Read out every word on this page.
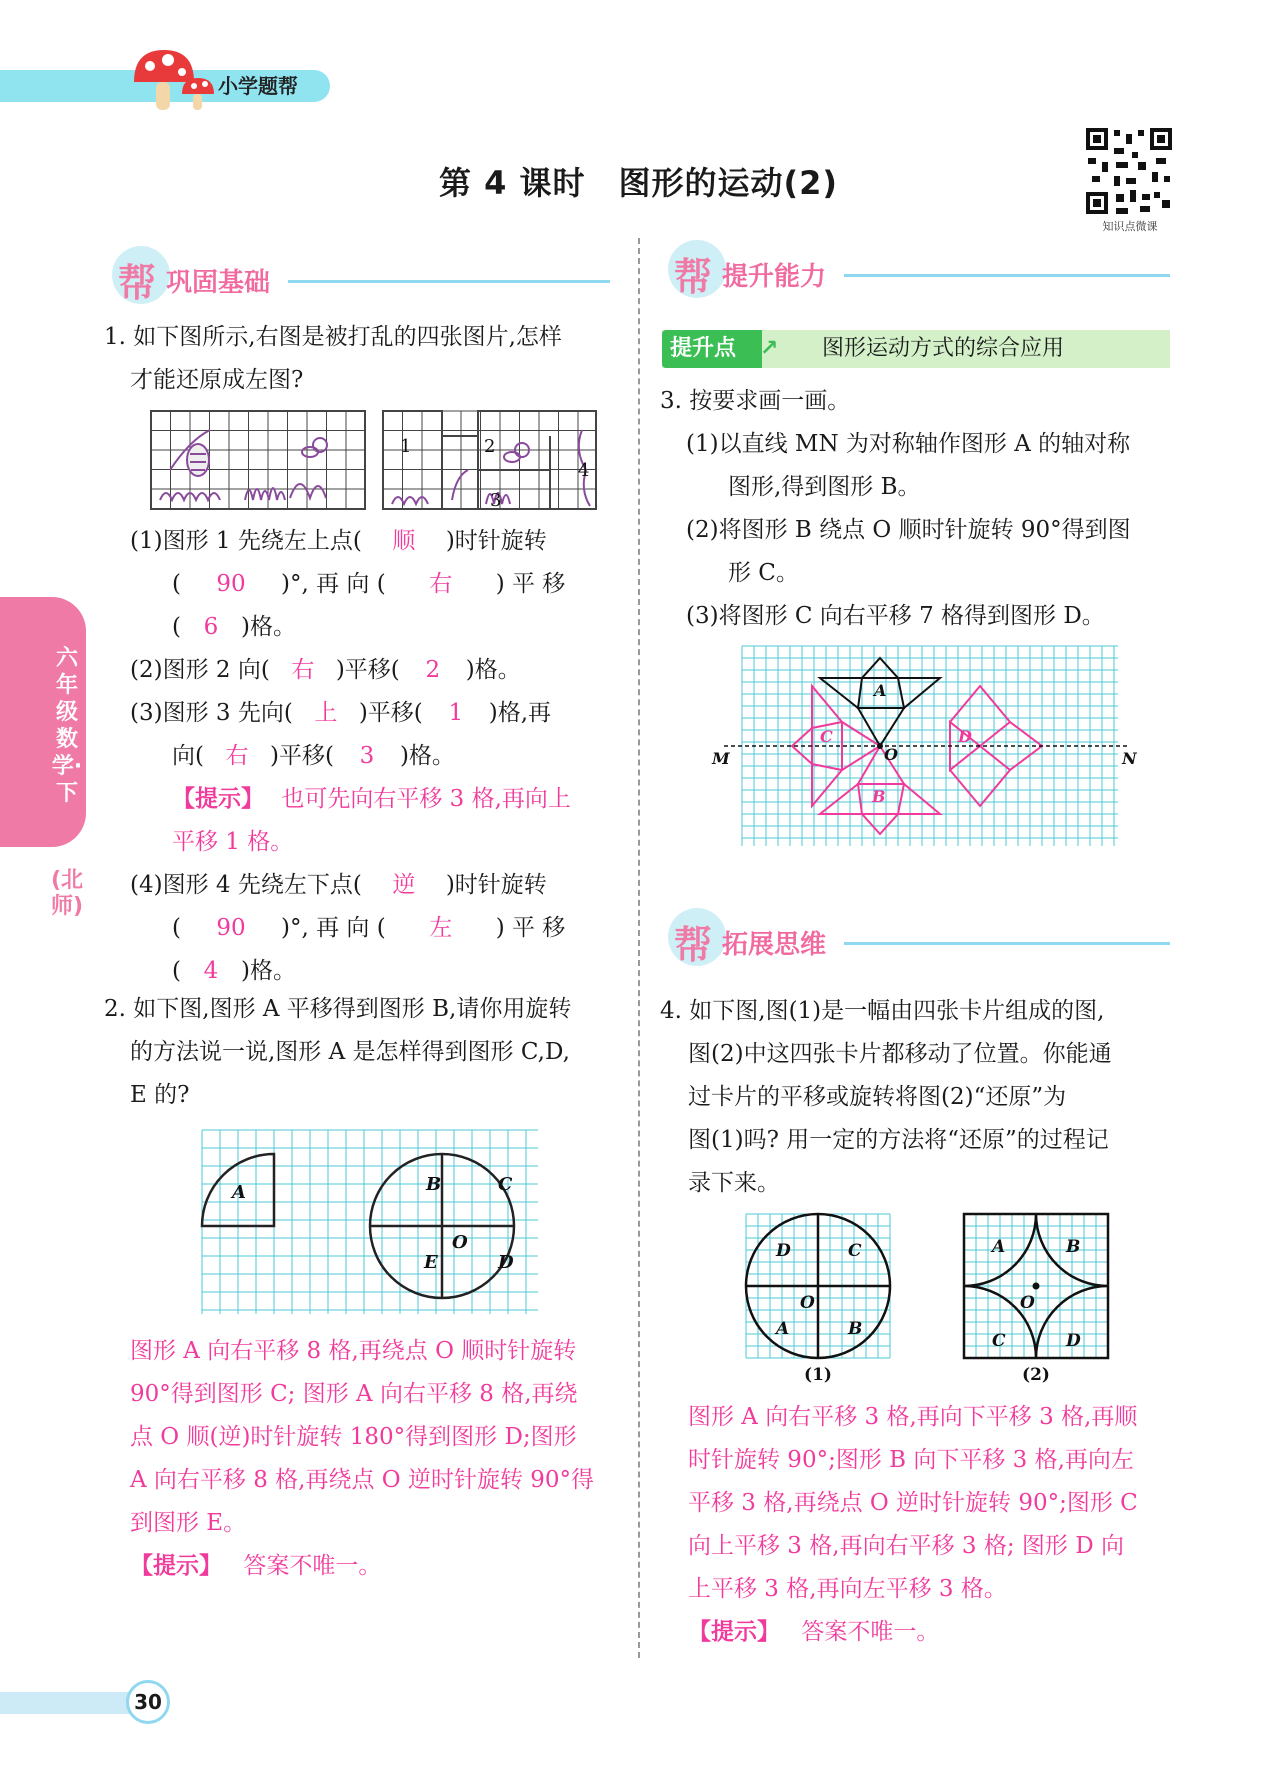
小学题帮
第 4 课时　图形的运动(2)
知识点微课
六年级数学·下
(北师)
帮 巩固基础
1. 如下图所示,右图是被打乱的四张图片,怎样
才能还原成左图?
1	2
3
4
(1)图形 1 先绕左上点( 顺 )时针旋转
(	90	)°, 再 向 (	右	) 平 移
( 6 )格。
(2)图形 2 向( 右 )平移( 2 )格。
(3)图形 3 先向( 上 )平移( 1 )格,再
向( 右 )平移( 3 )格。
【提示】 也可先向右平移 3 格,再向上
平移 1 格。
(4)图形 4 先绕左下点( 逆 )时针旋转
(	90	)°, 再 向 (	左	) 平 移
( 4 )格。
2. 如下图,图形 A 平移得到图形 B,请你用旋转
的方法说一说,图形 A 是怎样得到图形 C,D,
E 的?
A	B	C
O
E	D
图形 A 向右平移 8 格,再绕点 O 顺时针旋转
90°得到图形 C; 图形 A 向右平移 8 格,再绕
点 O 顺(逆)时针旋转 180°得到图形 D;图形
A 向右平移 8 格,再绕点 O 逆时针旋转 90°得
到图形 E。
【提示】 答案不唯一。
帮 提升能力
提升点	↗	图形运动方式的综合应用
3. 按要求画一画。
(1)以直线 MN 为对称轴作图形 A 的轴对称
图形,得到图形 B。
(2)将图形 B 绕点 O 顺时针旋转 90°得到图
形 C。
(3)将图形 C 向右平移 7 格得到图形 D。
A
B
C	D
O
M	N
帮 拓展思维
4. 如下图,图(1)是一幅由四张卡片组成的图,
图(2)中这四张卡片都移动了位置。你能通
过卡片的平移或旋转将图(2)“还原”为
图(1)吗? 用一定的方法将“还原”的过程记
录下来。
D	C
O
A	B
(1)
A	B
O
C	D
(2)
图形 A 向右平移 3 格,再向下平移 3 格,再顺
时针旋转 90°;图形 B 向下平移 3 格,再向左
平移 3 格,再绕点 O 逆时针旋转 90°;图形 C
向上平移 3 格,再向右平移 3 格; 图形 D 向
上平移 3 格,再向左平移 3 格。
【提示】 答案不唯一。
30
